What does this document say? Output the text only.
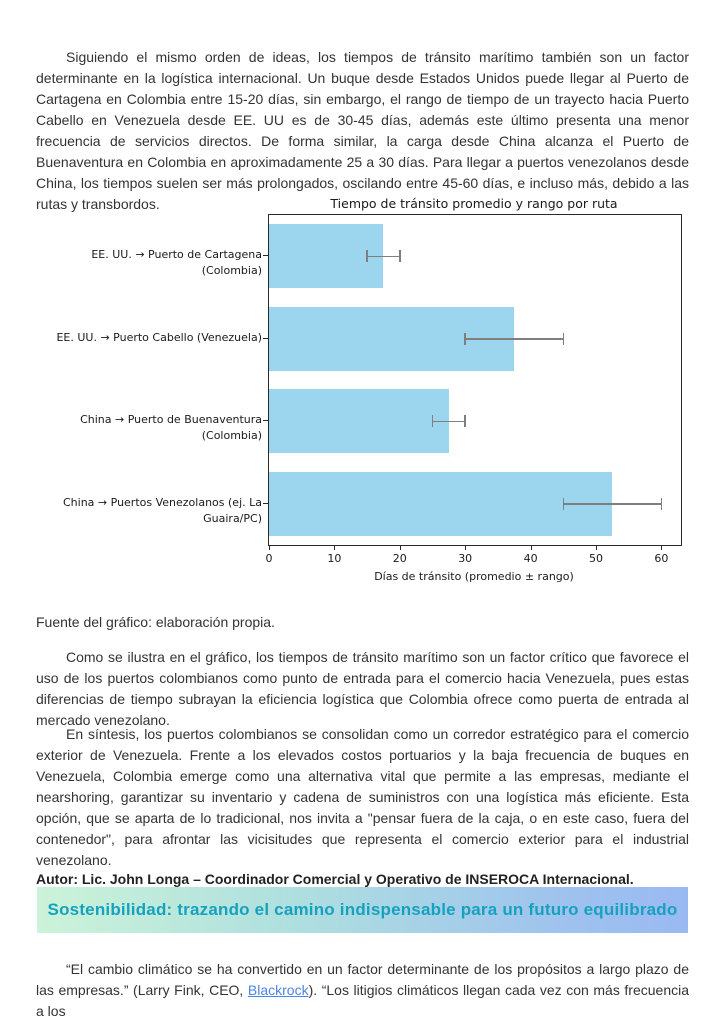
Siguiendo el mismo orden de ideas, los tiempos de tránsito marítimo también son un factor determinante en la logística internacional. Un buque desde Estados Unidos puede llegar al Puerto de Cartagena en Colombia entre 15-20 días, sin embargo, el rango de tiempo de un trayecto hacia Puerto Cabello en Venezuela desde EE. UU es de 30-45 días, además este último presenta una menor frecuencia de servicios directos. De forma similar, la carga desde China alcanza el Puerto de Buenaventura en Colombia en aproximadamente 25 a 30 días. Para llegar a puertos venezolanos desde China, los tiempos suelen ser más prolongados, oscilando entre 45-60 días, e incluso más, debido a las rutas y transbordos.	Tiempo de tránsito promedio y rango por ruta
EE. UU. → Puerto de Cartagena (Colombia)
EE. UU. → Puerto Cabello (Venezuela)
China → Puerto de Buenaventura (Colombia)
China → Puertos Venezolanos (ej. La Guaira/PC)
0	10	20	30	40	50	60
Días de tránsito (promedio ± rango)

Fuente del gráfico: elaboración propia.

Como se ilustra en el gráfico, los tiempos de tránsito marítimo son un factor crítico que favorece el uso de los puertos colombianos como punto de entrada para el comercio hacia Venezuela, pues estas diferencias de tiempo subrayan la eficiencia logística que Colombia ofrece como puerta de entrada al mercado venezolano.

En síntesis, los puertos colombianos se consolidan como un corredor estratégico para el comercio exterior de Venezuela. Frente a los elevados costos portuarios y la baja frecuencia de buques en Venezuela, Colombia emerge como una alternativa vital que permite a las empresas, mediante el nearshoring, garantizar su inventario y cadena de suministros con una logística más eficiente. Esta opción, que se aparta de lo tradicional, nos invita a "pensar fuera de la caja, o en este caso, fuera del contenedor", para afrontar las vicisitudes que representa el comercio exterior para el industrial venezolano.

Autor: Lic. John Longa – Coordinador Comercial y Operativo de INSEROCA Internacional.

Sostenibilidad: trazando el camino indispensable para un futuro equilibrado

“El cambio climático se ha convertido en un factor determinante de los propósitos a largo plazo de las empresas.” (Larry Fink, CEO, Blackrock). “Los litigios climáticos llegan cada vez con más frecuencia a los
